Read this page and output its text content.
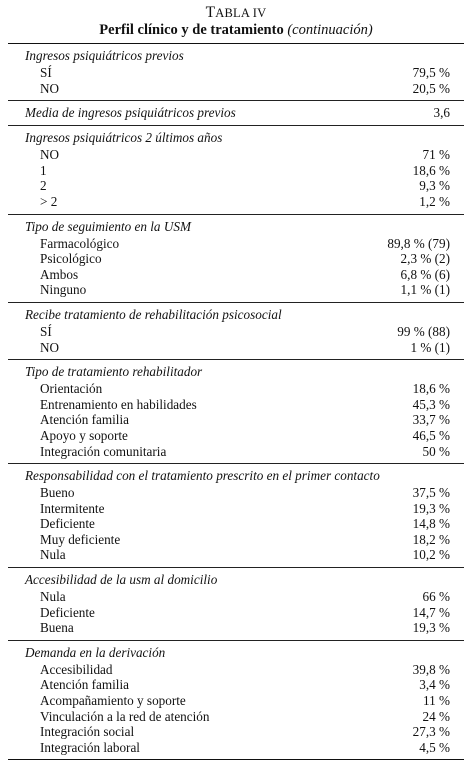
TABLA IV
Perfil clínico y de tratamiento (continuación)
Ingresos psiquiátricos previos
SÍ	79,5 %
NO	20,5 %
Media de ingresos psiquiátricos previos	3,6
Ingresos psiquiátricos 2 últimos años
NO	71 %
1	18,6 %
2	9,3 %
> 2	1,2 %
Tipo de seguimiento en la USM
Farmacológico	89,8 % (79)
Psicológico	2,3 % (2)
Ambos	6,8 % (6)
Ninguno	1,1 % (1)
Recibe tratamiento de rehabilitación psicosocial
SÍ	99 % (88)
NO	1 % (1)
Tipo de tratamiento rehabilitador
Orientación	18,6 %
Entrenamiento en habilidades	45,3 %
Atención familia	33,7 %
Apoyo y soporte	46,5 %
Integración comunitaria	50 %
Responsabilidad con el tratamiento prescrito en el primer contacto
Bueno	37,5 %
Intermitente	19,3 %
Deficiente	14,8 %
Muy deficiente	18,2 %
Nula	10,2 %
Accesibilidad de la usm al domicilio
Nula	66 %
Deficiente	14,7 %
Buena	19,3 %
Demanda en la derivación
Accesibilidad	39,8 %
Atención familia	3,4 %
Acompañamiento y soporte	11 %
Vinculación a la red de atención	24 %
Integración social	27,3 %
Integración laboral	4,5 %
